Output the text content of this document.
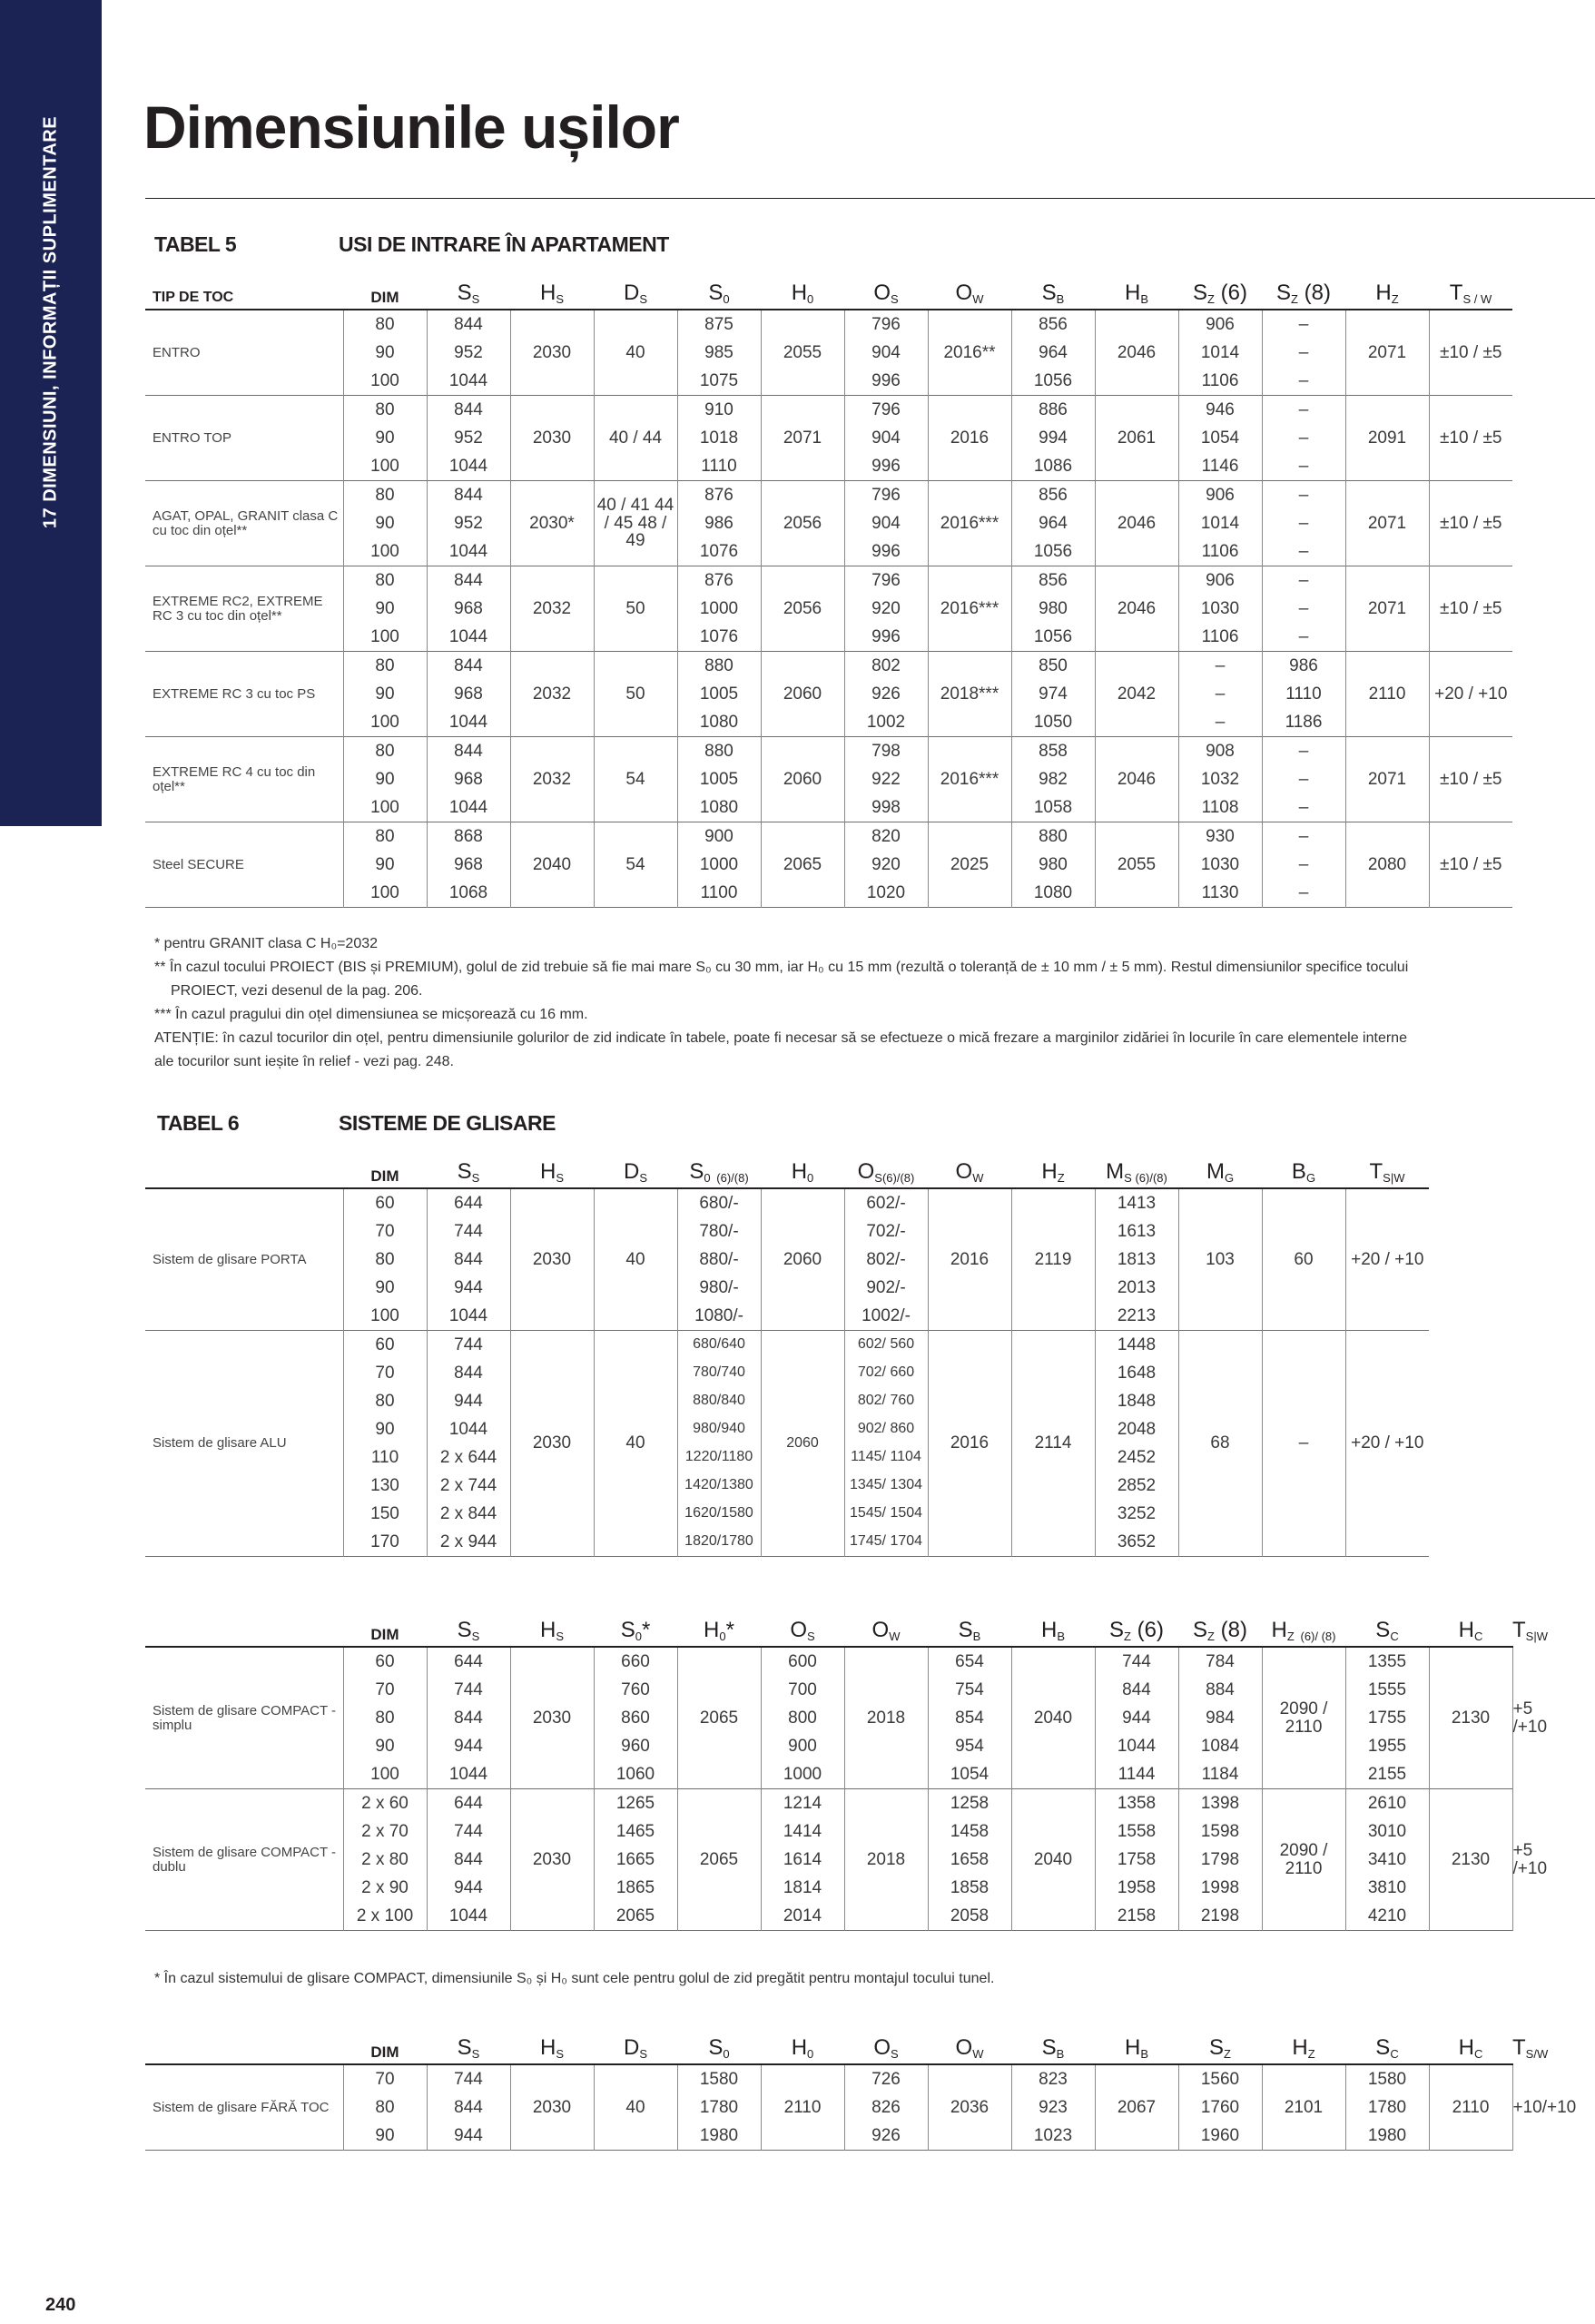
17 DIMENSIUNI, INFORMAȚII SUPLIMENTARE Dimensiunile ușilor
TABEL 5	USI DE INTRARE ÎN APARTAMENT
TIP DE TOC	DIM	$S_S$	$H_S$	$D_S$	$S_0$	$H_0$	$O_S$	$O_W$	$S_B$	$H_B$	$S_Z$ (6)	$S_Z$ (8)	$H_Z$	$T_{S / W}$
ENTRO	80	844	2030	40	875	2055	796	2016**	856	2046	906	–	2071	±10 / ±5
	90	952			985		904		964		1014	–		
	100	1044			1075		996		1056		1106	–		
ENTRO TOP	80	844	2030	40 / 44	910	2071	796	2016	886	2061	946	–	2091	±10 / ±5
	90	952			1018		904		994		1054	–		
	100	1044			1110		996		1086		1146	–		
AGAT, OPAL, GRANIT clasa C cu toc din oțel**	80	844	2030*	40 / 41 44 / 45 48 / 49	876	2056	796	2016***	856	2046	906	–	2071	±10 / ±5
	90	952			986		904		964		1014	–		
	100	1044			1076		996		1056		1106	–		
EXTREME RC2, EXTREME RC 3 cu toc din oțel**	80	844	2032	50	876	2056	796	2016***	856	2046	906	–	2071	±10 / ±5
	90	968			1000		920		980		1030	–		
	100	1044			1076		996		1056		1106	–		
EXTREME RC 3 cu toc PS	80	844	2032	50	880	2060	802	2018***	850	2042	–	986	2110	+20 / +10
	90	968			1005		926		974		–	1110		
	100	1044			1080		1002		1050		–	1186		
EXTREME RC 4 cu toc din oțel**	80	844	2032	54	880	2060	798	2016***	858	2046	908	–	2071	±10 / ±5
	90	968			1005		922		982		1032	–		
	100	1044			1080		998		1058		1108	–		
Steel SECURE	80	868	2040	54	900	2065	820	2025	880	2055	930	–	2080	±10 / ±5
	90	968			1000		920		980		1030	–		
	100	1068			1100		1020		1080		1130	–		

* pentru GRANIT clasa C H₀=2032

** În cazul tocului PROIECT (BIS și PREMIUM), golul de zid trebuie să fie mai mare S₀ cu 30 mm, iar H₀ cu 15 mm (rezultă o toleranță de ± 10 mm / ± 5 mm). Restul dimensiunilor specifice tocului

PROIECT, vezi desenul de la pag. 206.

*** În cazul pragului din oțel dimensiunea se micșorează cu 16 mm.

ATENȚIE: în cazul tocurilor din oțel, pentru dimensiunile golurilor de zid indicate în tabele, poate fi necesar să se efectueze o mică frezare a marginilor zidăriei în locurile în care elementele interne

ale tocurilor sunt ieșite în relief - vezi pag. 248.

TABEL 6	SISTEME DE GLISARE
	DIM	$S_S$	$H_S$	$D_S$	$S_0$ $_{(6)/(8)}$	$H_0$	$O_{S(6)/(8)}$	$O_W$	$H_Z$	$M_{S (6)/(8)}$	$M_G$	$B_G$	$T_{S|W}$
Sistem de glisare PORTA	60	644	2030	40	680/-	2060	602/-	2016	2119	1413	103	60	+20 / +10
	70	744			780/-		702/-			1613			
	80	844			880/-		802/-			1813			
	90	944			980/-		902/-			2013			
	100	1044			1080/-		1002/-			2213			
Sistem de glisare ALU	60	744	2030	40	680/640	2060	602/ 560	2016	2114	1448	68	–	+20 / +10
	70	844			780/740		702/ 660			1648			
	80	944			880/840		802/ 760			1848			
	90	1044			980/940		902/ 860			2048			
	110	2 x 644			1220/1180		1145/ 1104			2452			
	130	2 x 744			1420/1380		1345/ 1304			2852			
	150	2 x 844			1620/1580		1545/ 1504			3252			
	170	2 x 944			1820/1780		1745/ 1704			3652			
	DIM	$S_S$	$H_S$	$S_0*$	$H_0*$	$O_S$	$O_W$	$S_B$	$H_B$	$S_Z$ (6)	$S_Z$ (8)	$H_Z$ $_{(6)/ (8)}$	$S_C$	$H_C$	$T_{S|W}$
Sistem de glisare COMPACT - simplu	60	644	2030	660	2065	600	2018	654	2040	744	784	2090 / 2110	1355	2130	+5 /+10
	70	744		760		700		754		844	884		1555		
	80	844		860		800		854		944	984		1755		
	90	944		960		900		954		1044	1084		1955		
	100	1044		1060		1000		1054		1144	1184		2155		
Sistem de glisare COMPACT - dublu	2 x 60	644	2030	1265	2065	1214	2018	1258	2040	1358	1398	2090 / 2110	2610	2130	+5 /+10
	2 x 70	744		1465		1414		1458		1558	1598		3010		
	2 x 80	844		1665		1614		1658		1758	1798		3410		
	2 x 90	944		1865		1814		1858		1958	1998		3810		
	2 x 100	1044		2065		2014		2058		2158	2198		4210		

* În cazul sistemului de glisare COMPACT, dimensiunile S₀ și H₀ sunt cele pentru golul de zid pregătit pentru montajul tocului tunel.

	DIM	$S_S$	$H_S$	$D_S$	$S_0$	$H_0$	$O_S$	$O_W$	$S_B$	$H_B$	$S_Z$	$H_Z$	$S_C$	$H_C$	$T_{S/W}$
Sistem de glisare FĂRĂ TOC	70	744	2030	40	1580	2110	726	2036	823	2067	1560	2101	1580	2110	+10/+10
	80	844			1780		826		923		1760		1780		
	90	944			1980		926		1023		1960		1980		
240
